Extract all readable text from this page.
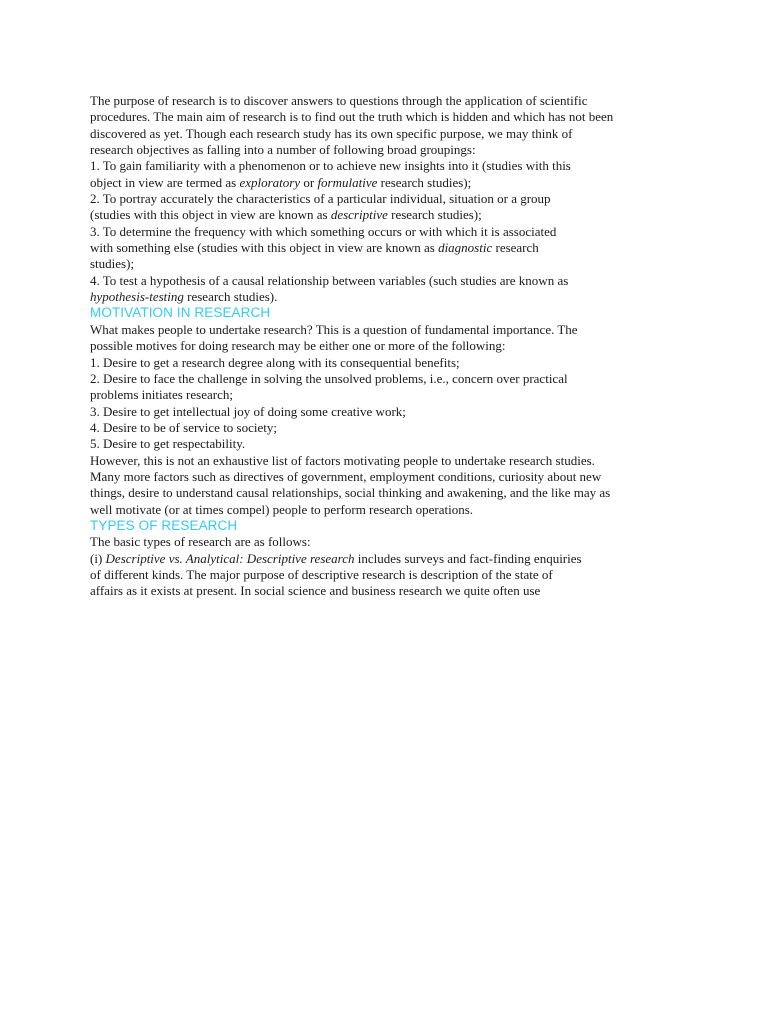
The purpose of research is to discover answers to questions through the application of scientific
procedures. The main aim of research is to find out the truth which is hidden and which has not been
discovered as yet. Though each research study has its own specific purpose, we may think of
research objectives as falling into a number of following broad groupings:
1. To gain familiarity with a phenomenon or to achieve new insights into it (studies with this
object in view are termed as exploratory or formulative research studies);
2. To portray accurately the characteristics of a particular individual, situation or a group
(studies with this object in view are known as descriptive research studies);
3. To determine the frequency with which something occurs or with which it is associated
with something else (studies with this object in view are known as diagnostic research
studies);
4. To test a hypothesis of a causal relationship between variables (such studies are known as
hypothesis-testing research studies).
MOTIVATION IN RESEARCH
What makes people to undertake research? This is a question of fundamental importance. The
possible motives for doing research may be either one or more of the following:
1. Desire to get a research degree along with its consequential benefits;
2. Desire to face the challenge in solving the unsolved problems, i.e., concern over practical
problems initiates research;
3. Desire to get intellectual joy of doing some creative work;
4. Desire to be of service to society;
5. Desire to get respectability.
However, this is not an exhaustive list of factors motivating people to undertake research studies.
Many more factors such as directives of government, employment conditions, curiosity about new
things, desire to understand causal relationships, social thinking and awakening, and the like may as
well motivate (or at times compel) people to perform research operations.
TYPES OF RESEARCH
The basic types of research are as follows:
(i) Descriptive vs. Analytical: Descriptive research includes surveys and fact-finding enquiries
of different kinds. The major purpose of descriptive research is description of the state of
affairs as it exists at present. In social science and business research we quite often use
